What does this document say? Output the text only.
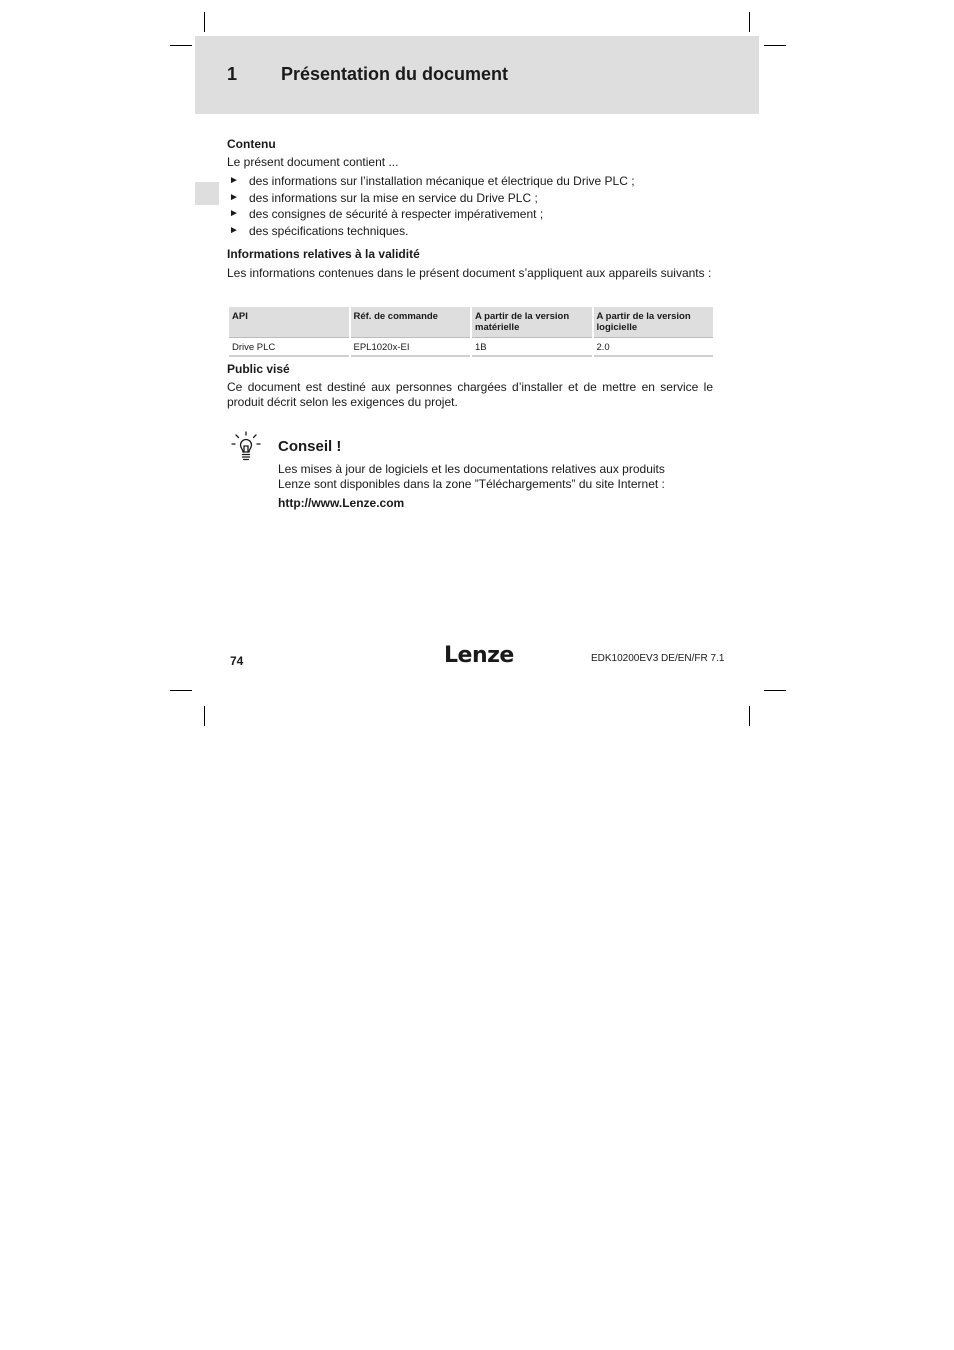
1 Présentation du document
Contenu
Le présent document contient ...
► des informations sur l’installation mécanique et électrique du Drive PLC ;
► des informations sur la mise en service du Drive PLC ;
► des consignes de sécurité à respecter impérativement ;
► des spécifications techniques.
Informations relatives à la validité
Les informations contenues dans le présent document s’appliquent aux appareils suivants :
API	Réf. de commande	A partir de la version matérielle	A partir de la version logicielle
Drive PLC	EPL1020x-EI	1B	2.0
Public visé
Ce document est destiné aux personnes chargées d’installer et de mettre en service le produit décrit selon les exigences du projet.
Conseil !
Les mises à jour de logiciels et les documentations relatives aux produits Lenze sont disponibles dans la zone ”Téléchargements” du site Internet :
http://www.Lenze.com
74	Lenze	EDK10200EV3 DE/EN/FR 7.1
